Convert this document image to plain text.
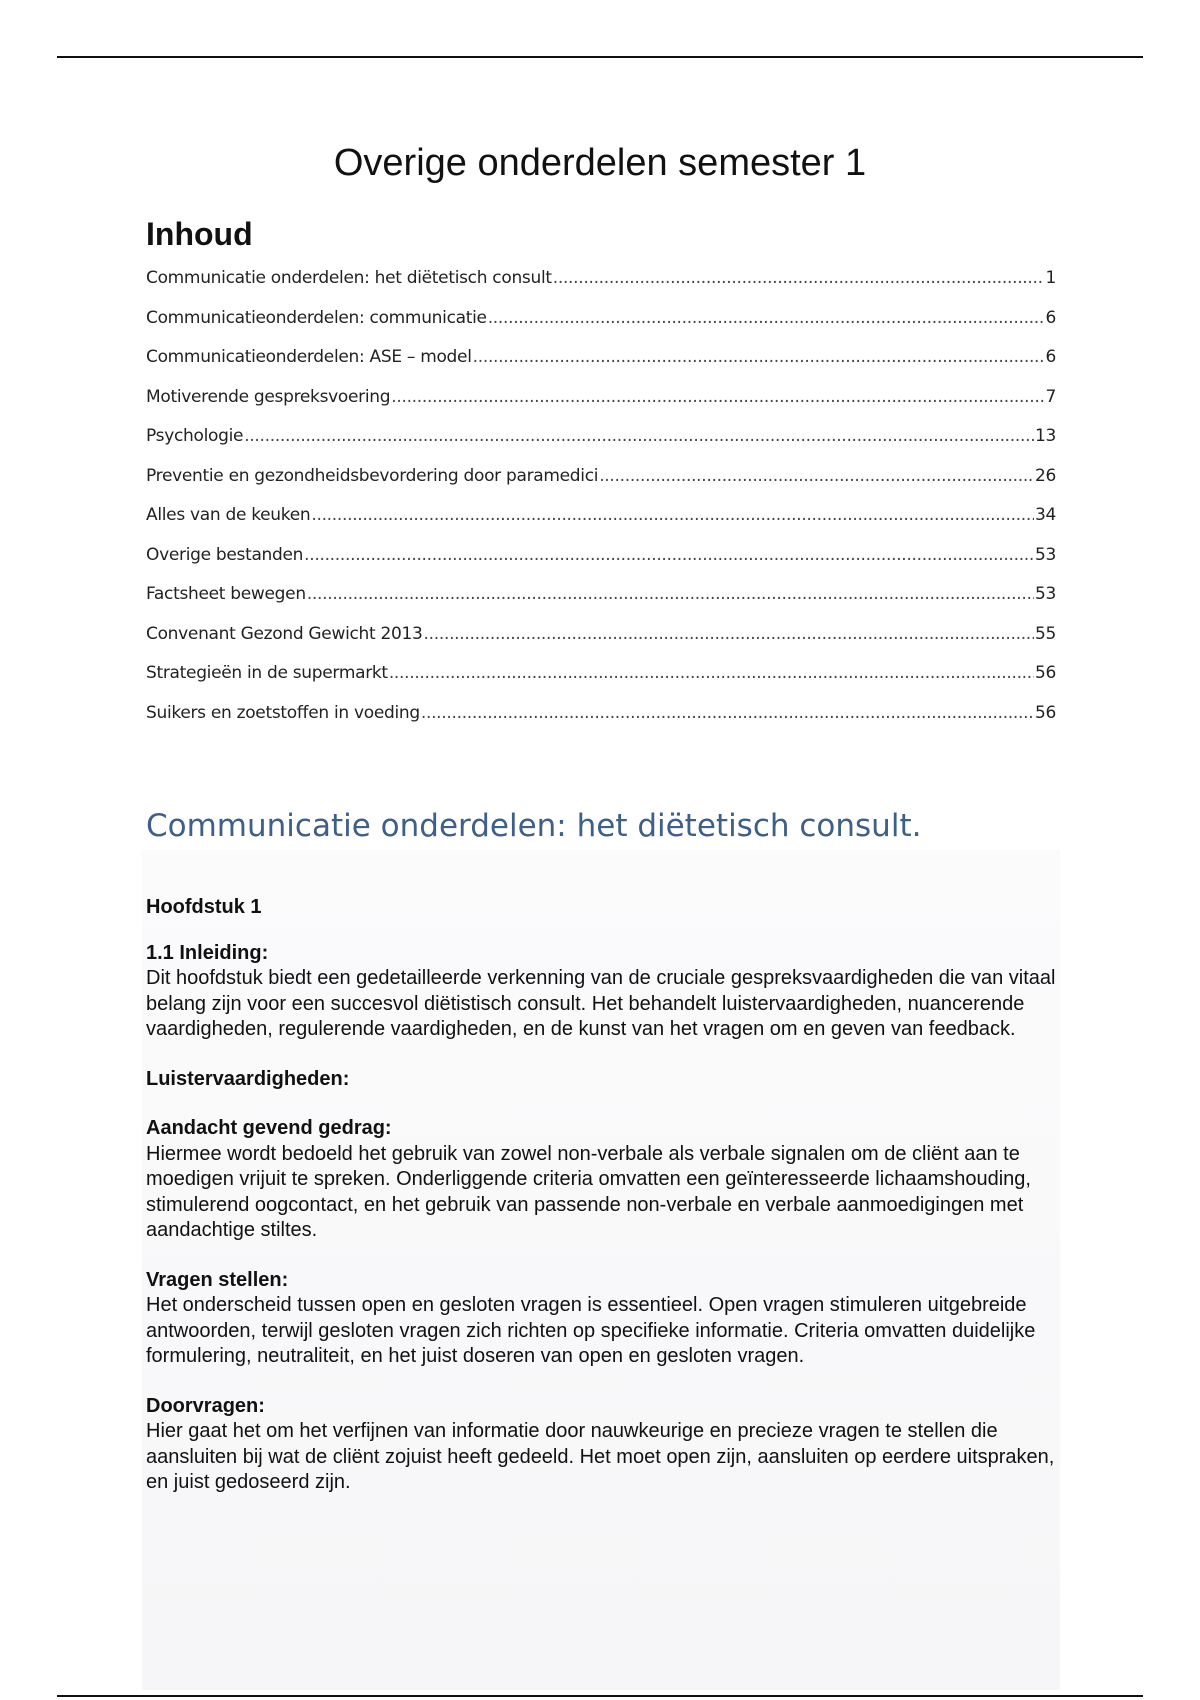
Overige onderdelen semester 1
Inhoud
Communicatie onderdelen: het diëtetisch consult .....	1
Communicatieonderdelen: communicatie .....	6
Communicatieonderdelen: ASE – model .....	6
Motiverende gespreksvoering .....	7
Psychologie .....	13
Preventie en gezondheidsbevordering door paramedici .....	26
Alles van de keuken .....	34
Overige bestanden .....	53
Factsheet bewegen .....	53
Convenant Gezond Gewicht 2013 .....	55
Strategieën in de supermarkt .....	56
Suikers en zoetstoffen in voeding .....	56
Communicatie onderdelen: het diëtetisch consult.
Hoofdstuk 1
1.1 Inleiding:

Dit hoofdstuk biedt een gedetailleerde verkenning van de cruciale gespreksvaardigheden die van vitaal belang zijn voor een succesvol diëtistisch consult. Het behandelt luistervaardigheden, nuancerende vaardigheden, regulerende vaardigheden, en de kunst van het vragen om en geven van feedback.

Luistervaardigheden:
Aandacht gevend gedrag:

Hiermee wordt bedoeld het gebruik van zowel non-verbale als verbale signalen om de cliënt aan te moedigen vrijuit te spreken. Onderliggende criteria omvatten een geïnteresseerde lichaamshouding, stimulerend oogcontact, en het gebruik van passende non-verbale en verbale aanmoedigingen met aandachtige stiltes.

Vragen stellen:

Het onderscheid tussen open en gesloten vragen is essentieel. Open vragen stimuleren uitgebreide antwoorden, terwijl gesloten vragen zich richten op specifieke informatie. Criteria omvatten duidelijke formulering, neutraliteit, en het juist doseren van open en gesloten vragen.

Doorvragen:

Hier gaat het om het verfijnen van informatie door nauwkeurige en precieze vragen te stellen die aansluiten bij wat de cliënt zojuist heeft gedeeld. Het moet open zijn, aansluiten op eerdere uitspraken, en juist gedoseerd zijn.
